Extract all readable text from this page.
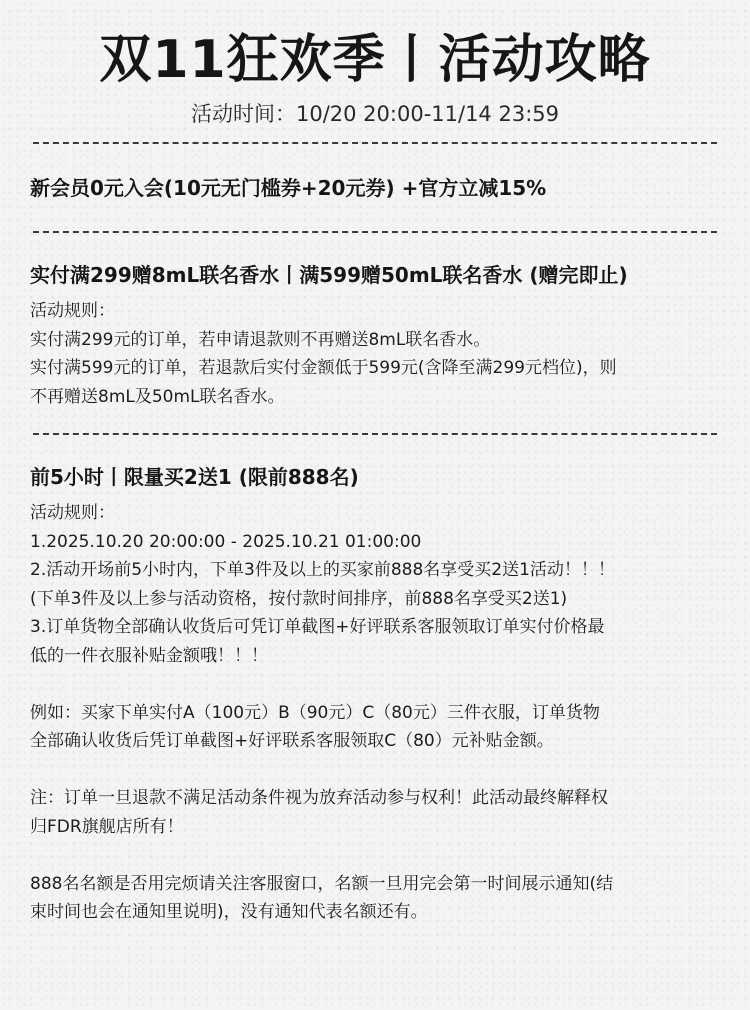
双11狂欢季丨活动攻略
活动时间：10/20 20:00-11/14 23:59
新会员0元入会(10元无门槛券+20元券) +官方立减15%
实付满299赠8mL联名香水丨满599赠50mL联名香水 (赠完即止)
活动规则：
实付满299元的订单，若申请退款则不再赠送8mL联名香水。
实付满599元的订单，若退款后实付金额低于599元(含降至满299元档位)，则
不再赠送8mL及50mL联名香水。
前5小时丨限量买2送1 (限前888名)
活动规则：
1.2025.10.20 20:00:00 - 2025.10.21 01:00:00
2.活动开场前5小时内，下单3件及以上的买家前888名享受买2送1活动！！！
(下单3件及以上参与活动资格，按付款时间排序，前888名享受买2送1)
3.订单货物全部确认收货后可凭订单截图+好评联系客服领取订单实付价格最
低的一件衣服补贴金额哦！！！
例如：买家下单实付A（100元）B（90元）C（80元）三件衣服，订单货物
全部确认收货后凭订单截图+好评联系客服领取C（80）元补贴金额。
注：订单一旦退款不满足活动条件视为放弃活动参与权利！此活动最终解释权
归FDR旗舰店所有！
888名名额是否用完烦请关注客服窗口，名额一旦用完会第一时间展示通知(结
束时间也会在通知里说明)，没有通知代表名额还有。
